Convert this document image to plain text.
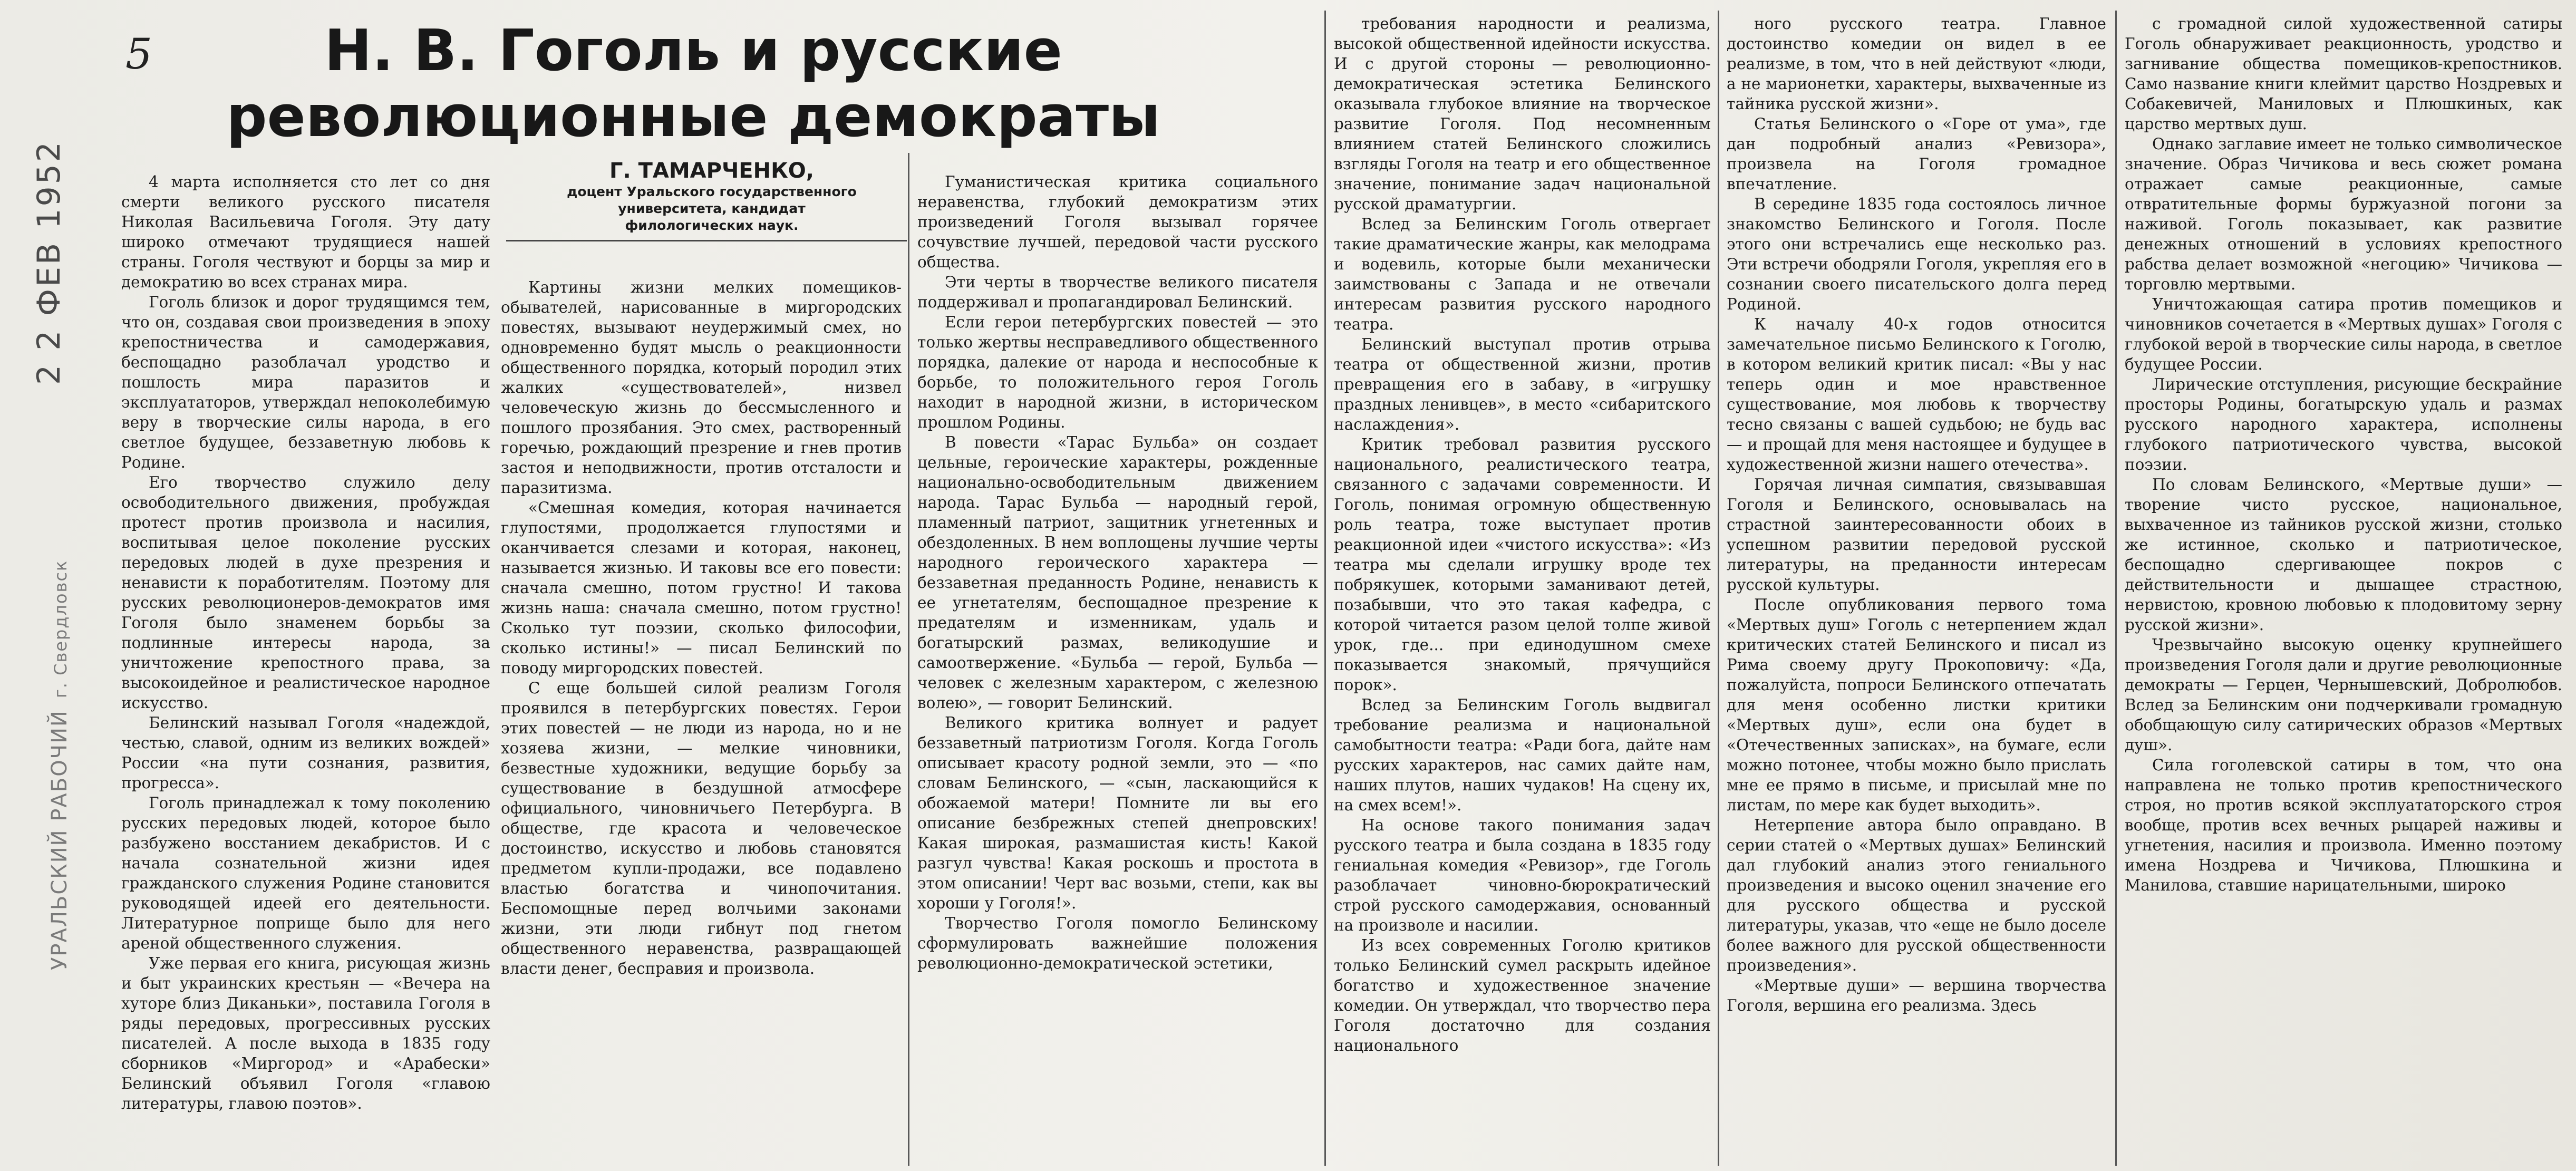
5
2 2 ФЕВ 1952
УРАЛЬСКИЙ РАБОЧИЙг. Свердловск
Н. В. Гоголь и русские
революционные демократы
Г. ТАМАРЧЕНКО,
доцент Уральского государственного университета, кандидат филологических наук.

4 марта исполняется сто лет со дня смерти великого русского писателя Николая Васильевича Гоголя. Эту дату широко отмечают трудящиеся нашей страны. Гоголя чествуют и борцы за мир и демократию во всех странах мира.

Гоголь близок и дорог трудящимся тем, что он, создавая свои произведения в эпоху крепостничества и самодержавия, беспощадно разоблачал уродство и пошлость мира паразитов и эксплуататоров, утверждал непоколебимую веру в творческие силы народа, в его светлое будущее, беззаветную любовь к Родине.

Его творчество служило делу освободительного движения, пробуждая протест против произвола и насилия, воспитывая целое поколение русских передовых людей в духе презрения и ненависти к поработителям. Поэтому для русских революционеров-демократов имя Гоголя было знаменем борьбы за подлинные интересы народа, за уничтожение крепостного права, за высокоидейное и реалистическое народное искусство.

Белинский называл Гоголя «надеждой, честью, славой, одним из великих вождей» России «на пути сознания, развития, прогресса».

Гоголь принадлежал к тому поколению русских передовых людей, которое было разбужено восстанием декабристов. И с начала сознательной жизни идея гражданского служения Родине становится руководящей идеей его деятельности. Литературное поприще было для него ареной общественного служения.

Уже первая его книга, рисующая жизнь и быт украинских крестьян — «Вечера на хуторе близ Диканьки», поставила Гоголя в ряды передовых, прогрессивных русских писателей. А после выхода в 1835 году сборников «Миргород» и «Арабески» Белинский объявил Гоголя «главою литературы, главою поэтов».

Картины жизни мелких помещиков-обывателей, нарисованные в миргородских повестях, вызывают неудержимый смех, но одновременно будят мысль о реакционности общественного порядка, который породил этих жалких «существователей», низвел человеческую жизнь до бессмысленного и пошлого прозябания. Это смех, растворенный горечью, рождающий презрение и гнев против застоя и неподвижности, против отсталости и паразитизма.

«Смешная комедия, которая начинается глупостями, продолжается глупостями и оканчивается слезами и которая, наконец, называется жизнью. И таковы все его повести: сначала смешно, потом грустно! И такова жизнь наша: сначала смешно, потом грустно! Сколько тут поэзии, сколько философии, сколько истины!» — писал Белинский по поводу миргородских повестей.

С еще большей силой реализм Гоголя проявился в петербургских повестях. Герои этих повестей — не люди из народа, но и не хозяева жизни, — мелкие чиновники, безвестные художники, ведущие борьбу за существование в бездушной атмосфере официального, чиновничьего Петербурга. В обществе, где красота и человеческое достоинство, искусство и любовь становятся предметом купли-продажи, все подавлено властью богатства и чинопочитания. Беспомощные перед волчьими законами жизни, эти люди гибнут под гнетом общественного неравенства, развращающей власти денег, бесправия и произвола.

Гуманистическая критика социального неравенства, глубокий демократизм этих произведений Гоголя вызывал горячее сочувствие лучшей, передовой части русского общества.

Эти черты в творчестве великого писателя поддерживал и пропагандировал Белинский.

Если герои петербургских повестей — это только жертвы несправедливого общественного порядка, далекие от народа и неспособные к борьбе, то положительного героя Гоголь находит в народной жизни, в историческом прошлом Родины.

В повести «Тарас Бульба» он создает цельные, героические характеры, рожденные национально-освободительным движением народа. Тарас Бульба — народный герой, пламенный патриот, защитник угнетенных и обездоленных. В нем воплощены лучшие черты народного героического характера — беззаветная преданность Родине, ненависть к ее угнетателям, беспощадное презрение к предателям и изменникам, удаль и богатырский размах, великодушие и самоотвержение. «Бульба — герой, Бульба — человек с железным характером, с железною волею», — говорит Белинский.

Великого критика волнует и радует беззаветный патриотизм Гоголя. Когда Гоголь описывает красоту родной земли, это — «по словам Белинского, — «сын, ласкающийся к обожаемой матери! Помните ли вы его описание безбрежных степей днепровских! Какая широкая, размашистая кисть! Какой разгул чувства! Какая роскошь и простота в этом описании! Черт вас возьми, степи, как вы хороши у Гоголя!».

Творчество Гоголя помогло Белинскому сформулировать важнейшие положения революционно-демократической эстетики,

требования народности и реализма, высокой общественной идейности искусства. И с другой стороны — революционно-демократическая эстетика Белинского оказывала глубокое влияние на творческое развитие Гоголя. Под несомненным влиянием статей Белинского сложились взгляды Гоголя на театр и его общественное значение, понимание задач национальной русской драматургии.

Вслед за Белинским Гоголь отвергает такие драматические жанры, как мелодрама и водевиль, которые были механически заимствованы с Запада и не отвечали интересам развития русского народного театра.

Белинский выступал против отрыва театра от общественной жизни, против превращения его в забаву, в «игрушку праздных ленивцев», в место «сибаритского наслаждения».

Критик требовал развития русского национального, реалистического театра, связанного с задачами современности. И Гоголь, понимая огромную общественную роль театра, тоже выступает против реакционной идеи «чистого искусства»: «Из театра мы сделали игрушку вроде тех побрякушек, которыми заманивают детей, позабывши, что это такая кафедра, с которой читается разом целой толпе живой урок, где... при единодушном смехе показывается знакомый, прячущийся порок».

Вслед за Белинским Гоголь выдвигал требование реализма и национальной самобытности театра: «Ради бога, дайте нам русских характеров, нас самих дайте нам, наших плутов, наших чудаков! На сцену их, на смех всем!».

На основе такого понимания задач русского театра и была создана в 1835 году гениальная комедия «Ревизор», где Гоголь разоблачает чиновно-бюрократический строй русского самодержавия, основанный на произволе и насилии.

Из всех современных Гоголю критиков только Белинский сумел раскрыть идейное богатство и художественное значение комедии. Он утверждал, что творчество пера Гоголя достаточно для создания национального

ного русского театра. Главное достоинство комедии он видел в ее реализме, в том, что в ней действуют «люди, а не марионетки, характеры, выхваченные из тайника русской жизни».

Статья Белинского о «Горе от ума», где дан подробный анализ «Ревизора», произвела на Гоголя громадное впечатление.

В середине 1835 года состоялось личное знакомство Белинского и Гоголя. После этого они встречались еще несколько раз. Эти встречи ободряли Гоголя, укрепляя его в сознании своего писательского долга перед Родиной.

К началу 40-х годов относится замечательное письмо Белинского к Гоголю, в котором великий критик писал: «Вы у нас теперь один и мое нравственное существование, моя любовь к творчеству тесно связаны с вашей судьбою; не будь вас — и прощай для меня настоящее и будущее в художественной жизни нашего отечества».

Горячая личная симпатия, связывавшая Гоголя и Белинского, основывалась на страстной заинтересованности обоих в успешном развитии передовой русской литературы, на преданности интересам русской культуры.

После опубликования первого тома «Мертвых душ» Гоголь с нетерпением ждал критических статей Белинского и писал из Рима своему другу Прокоповичу: «Да, пожалуйста, попроси Белинского отпечатать для меня особенно листки критики «Мертвых душ», если она будет в «Отечественных записках», на бумаге, если можно потонее, чтобы можно было прислать мне ее прямо в письме, и присылай мне по листам, по мере как будет выходить».

Нетерпение автора было оправдано. В серии статей о «Мертвых душах» Белинский дал глубокий анализ этого гениального произведения и высоко оценил значение его для русского общества и русской литературы, указав, что «еще не было доселе более важного для русской общественности произведения».

«Мертвые души» — вершина творчества Гоголя, вершина его реализма. Здесь

с громадной силой художественной сатиры Гоголь обнаруживает реакционность, уродство и загнивание общества помещиков-крепостников. Само название книги клеймит царство Ноздревых и Собакевичей, Маниловых и Плюшкиных, как царство мертвых душ.

Однако заглавие имеет не только символическое значение. Образ Чичикова и весь сюжет романа отражает самые реакционные, самые отвратительные формы буржуазной погони за наживой. Гоголь показывает, как развитие денежных отношений в условиях крепостного рабства делает возможной «негоцию» Чичикова — торговлю мертвыми.

Уничтожающая сатира против помещиков и чиновников сочетается в «Мертвых душах» Гоголя с глубокой верой в творческие силы народа, в светлое будущее России.

Лирические отступления, рисующие бескрайние просторы Родины, богатырскую удаль и размах русского народного характера, исполнены глубокого патриотического чувства, высокой поэзии.

По словам Белинского, «Мертвые души» — творение чисто русское, национальное, выхваченное из тайников русской жизни, столько же истинное, сколько и патриотическое, беспощадно сдергивающее покров с действительности и дышащее страстною, нервистою, кровною любовью к плодовитому зерну русской жизни».

Чрезвычайно высокую оценку крупнейшего произведения Гоголя дали и другие революционные демократы — Герцен, Чернышевский, Добролюбов. Вслед за Белинским они подчеркивали громадную обобщающую силу сатирических образов «Мертвых душ».

Сила гоголевской сатиры в том, что она направлена не только против крепостнического строя, но против всякой эксплуататорского строя вообще, против всех вечных рыцарей наживы и угнетения, насилия и произвола. Именно поэтому имена Ноздрева и Чичикова, Плюшкина и Манилова, ставшие нарицательными, широко
